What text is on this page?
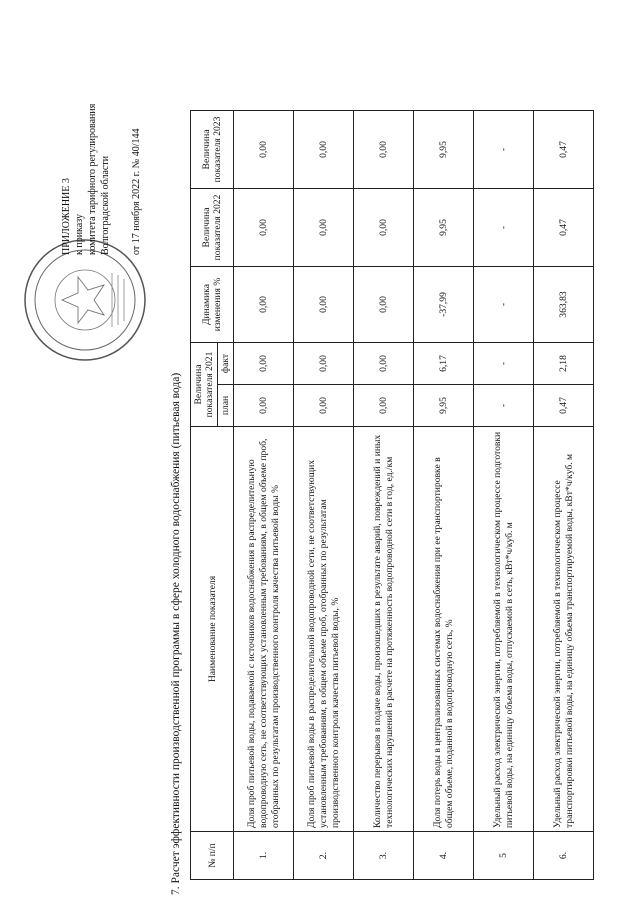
7. Расчет эффективности производственной программы в сфере холодного водоснабжения (питьевая вода)
ПРИЛОЖЕНИЕ 3 к приказу комитета тарифного регулирования Волгоградской области от 17 ноября 2022 г. № 40/144
№ п/п	Наименование показателя	Величина показателя 2021		Динамика изменения %	Величина показателя 2022	Величина показателя 2023
		план	факт			
1.	Доля проб питьевой воды, подаваемой с источников водоснабжения в распределительную водопроводную сеть, не соответствующих установленным требованиям, в общем объеме проб, отобранных по результатам производственного контроля качества питьевой воды %	0,00	0,00	0,00	0,00	0,00
2.	Доля проб питьевой воды в распределительной водопроводной сети, не соответствующих установленным требованиям, в общем объеме проб, отобранных по результатам производственного контроля качества питьевой воды, %	0,00	0,00	0,00	0,00	0,00
3.	Количество перерывов в подаче воды, произошедших в результате аварий, повреждений и иных технологических нарушений в расчете на протяженность водопроводной сети в год, ед./км	0,00	0,00	0,00	0,00	0,00
4.	Доля потерь воды в централизованных системах водоснабжения при ее транспортировке в общем объеме, поданной в водопроводную сеть, %	9,95	6,17	-37,99	9,95	9,95
5	Удельный расход электрической энергии, потребляемой в технологическом процессе подготовки питьевой воды, на единицу объема воды, отпускаемой в сеть, кВт*ч/куб. м	-	-	-	-	-
6.	Удельный расход электрической энергии, потребляемой в технологическом процессе транспортировки питьевой воды, на единицу объема транспортируемой воды, кВт*ч/куб. м	0,47	2,18	363,83	0,47	0,47
